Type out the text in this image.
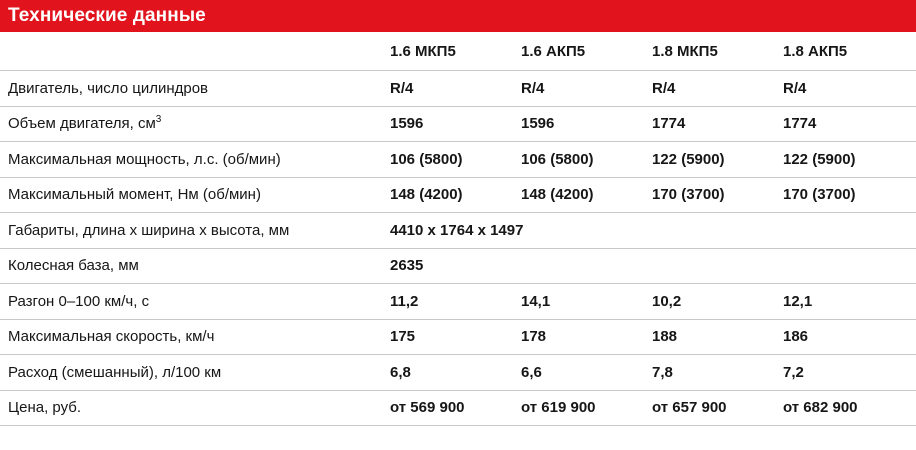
Технические данные
	1.6 МКП5	1.6 АКП5	1.8 МКП5	1.8 АКП5
Двигатель, число цилиндров	R/4	R/4	R/4	R/4
Объем двигателя, $см^3$	1596	1596	1774	1774
Максимальная мощность, л.с. (об/мин)	106 (5800)	106 (5800)	122 (5900)	122 (5900)
Максимальный момент, Нм (об/мин)	148 (4200)	148 (4200)	170 (3700)	170 (3700)
Габариты, длина х ширина х высота, мм	4410 х 1764 х 1497			
Колесная база, мм	2635			
Разгон 0–100 км/ч, с	11,2	14,1	10,2	12,1
Максимальная скорость, км/ч	175	178	188	186
Расход (смешанный), л/100 км	6,8	6,6	7,8	7,2
Цена, руб.	от 569 900	от 619 900	от 657 900	от 682 900
